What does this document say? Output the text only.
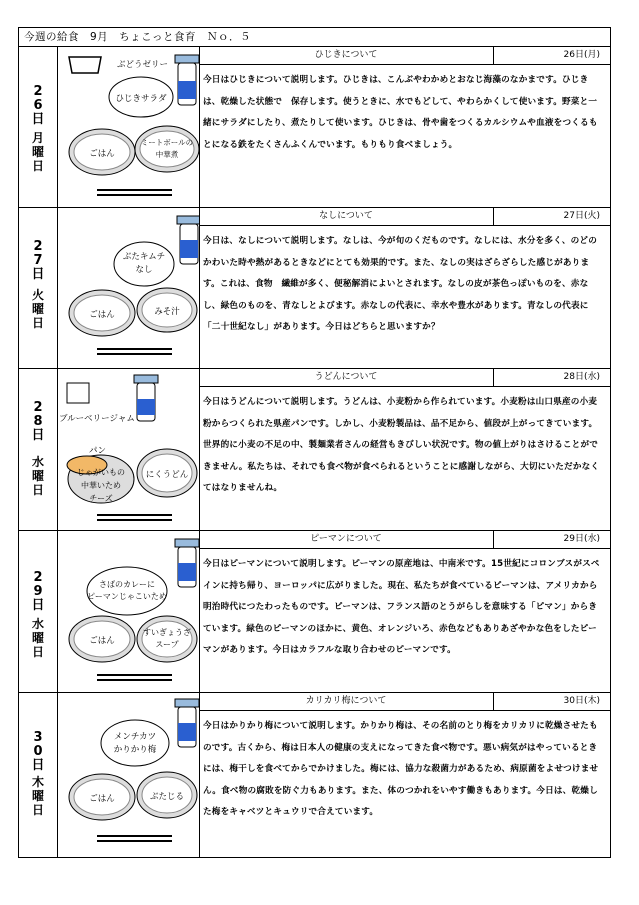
今週の給食　9月　ちょこっと食育　Ｎｏ．５
2
6
日
月
曜
日
ぶどうゼリー
ひじきサラダ
ごはん
ミートボールの
中華煮
ひじきについて	26日(月)
今日はひじきについて説明します。ひじきは、こんぶやわかめとおなじ海藻のなかまです。ひじきは、乾燥した状態で　保存します。使うときに、水でもどして、やわらかくして使います。野菜と一緒にサラダにしたり、煮たりして使います。ひじきは、骨や歯をつくるカルシウムや血液をつくるもとになる鉄をたくさんふくんでいます。もりもり食べましょう。
2
7
日
火
曜
日
ぶたキムチ
なし
ごはん	みそ汁
なしについて	27日(火)
今日は、なしについて説明します。なしは、今が旬のくだものです。なしには、水分を多く、のどのかわいた時や熱があるときなどにとても効果的です。また、なしの実はざらざらした感じがあります。これは、食物　繊維が多く、便秘解消によいとされます。なしの皮が茶色っぽいものを、赤なし、緑色のものを、青なしとよびます。赤なしの代表に、幸水や豊水があります。青なしの代表に「二十世紀なし」があります。今日はどちらと思いますか？
2
8
日
水
曜
日
ブルーベリージャム
パン
じゃがいもの
中華いため
チーズ
にくうどん
うどんについて	28日(水)
今日はうどんについて説明します。うどんは、小麦粉から作られています。小麦粉は山口県産の小麦粉からつくられた県産パンです。しかし、小麦粉製品は、品不足から、値段が上がってきています。世界的に小麦の不足の中、製麺業者さんの経営もきびしい状況です。物の値上がりはさけることができません。私たちは、それでも食べ物が食べられるということに感謝しながら、大切にいただかなくてはなりませんね。
2
9
日
水
曜
日
さばのカレーに
ピーマンじゃこいため
ごはん
すいぎょうざ
スープ
ピーマンについて	29日(水)
今日はピーマンについて説明します。ピーマンの原産地は、中南米です。15世紀にコロンブスがスペインに持ち帰り、ヨーロッパに広がりました。現在、私たちが食べているピーマンは、アメリカから明治時代につたわったものです。ピーマンは、フランス語のとうがらしを意味する「ピマン」からきています。緑色のピーマンのほかに、黄色、オレンジいろ、赤色などもありあざやかな色をしたピーマンがあります。今日はカラフルな取り合わせのピーマンです。
3
0
日
木
曜
日
メンチカツ
かりかり梅
ごはん	ぶたじる
カリカリ梅について	30日(木)
今日はかりかり梅について説明します。かりかり梅は、その名前のとり梅をカリカリに乾燥させたものです。古くから、梅は日本人の健康の支えになってきた食べ物です。悪い病気がはやっているときには、梅干しを食べてからでかけました。梅には、協力な殺菌力があるため、病原菌をよせつけません。食べ物の腐敗を防ぐ力もあります。また、体のつかれをいやす働きもあります。今日は、乾燥した梅をキャベツとキュウリで合えています。
